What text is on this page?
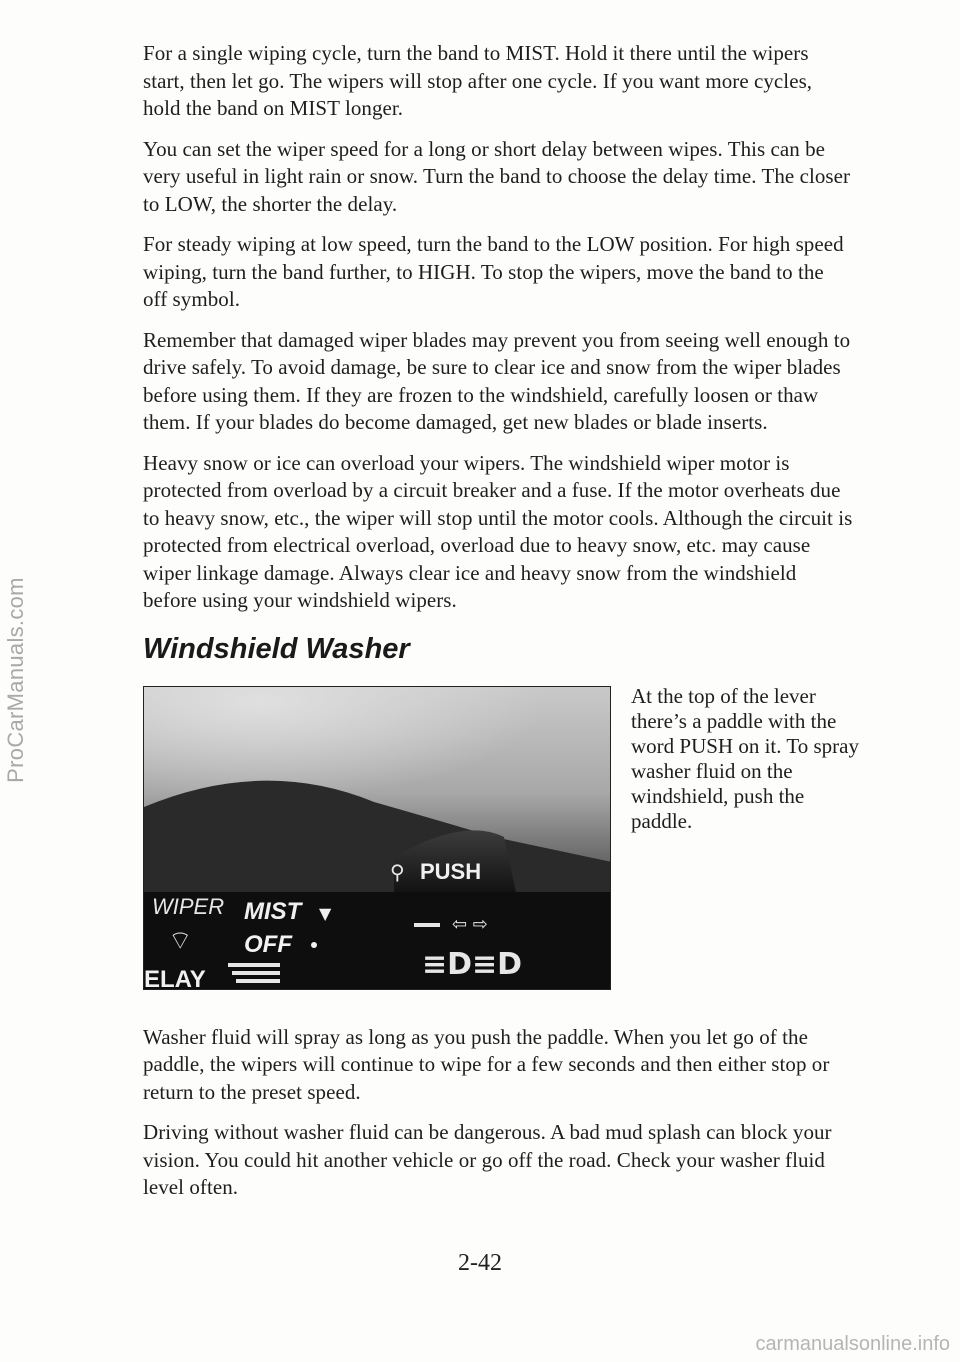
ProCarManuals.com

For a single wiping cycle, turn the band to MIST. Hold it there until the wipers start, then let go. The wipers will stop after one cycle. If you want more cycles, hold the band on MIST longer.

You can set the wiper speed for a long or short delay between wipes. This can be very useful in light rain or snow. Turn the band to choose the delay time. The closer to LOW, the shorter the delay.

For steady wiping at low speed, turn the band to the LOW position. For high speed wiping, turn the band further, to HIGH. To stop the wipers, move the band to the off symbol.

Remember that damaged wiper blades may prevent you from seeing well enough to drive safely. To avoid damage, be sure to clear ice and snow from the wiper blades before using them. If they are frozen to the windshield, carefully loosen or thaw them. If your blades do become damaged, get new blades or blade inserts.

Heavy snow or ice can overload your wipers. The windshield wiper motor is protected from overload by a circuit breaker and a fuse. If the motor overheats due to heavy snow, etc., the wiper will stop until the motor cools. Although the circuit is protected from electrical overload, overload due to heavy snow, etc. may cause wiper linkage damage. Always clear ice and heavy snow from the windshield before using your windshield wipers.

Windshield Washer
PUSH
⚲
WIPER MIST ▼
⌔ OFF
ELAY
⇦ ⇨
≡D≡D

At the top of the lever there’s a paddle with the word PUSH on it. To spray washer fluid on the windshield, push the paddle.

Washer fluid will spray as long as you push the paddle. When you let go of the paddle, the wipers will continue to wipe for a few seconds and then either stop or return to the preset speed.

Driving without washer fluid can be dangerous. A bad mud splash can block your vision. You could hit another vehicle or go off the road. Check your washer fluid level often.

2-42
carmanualsonline.info
